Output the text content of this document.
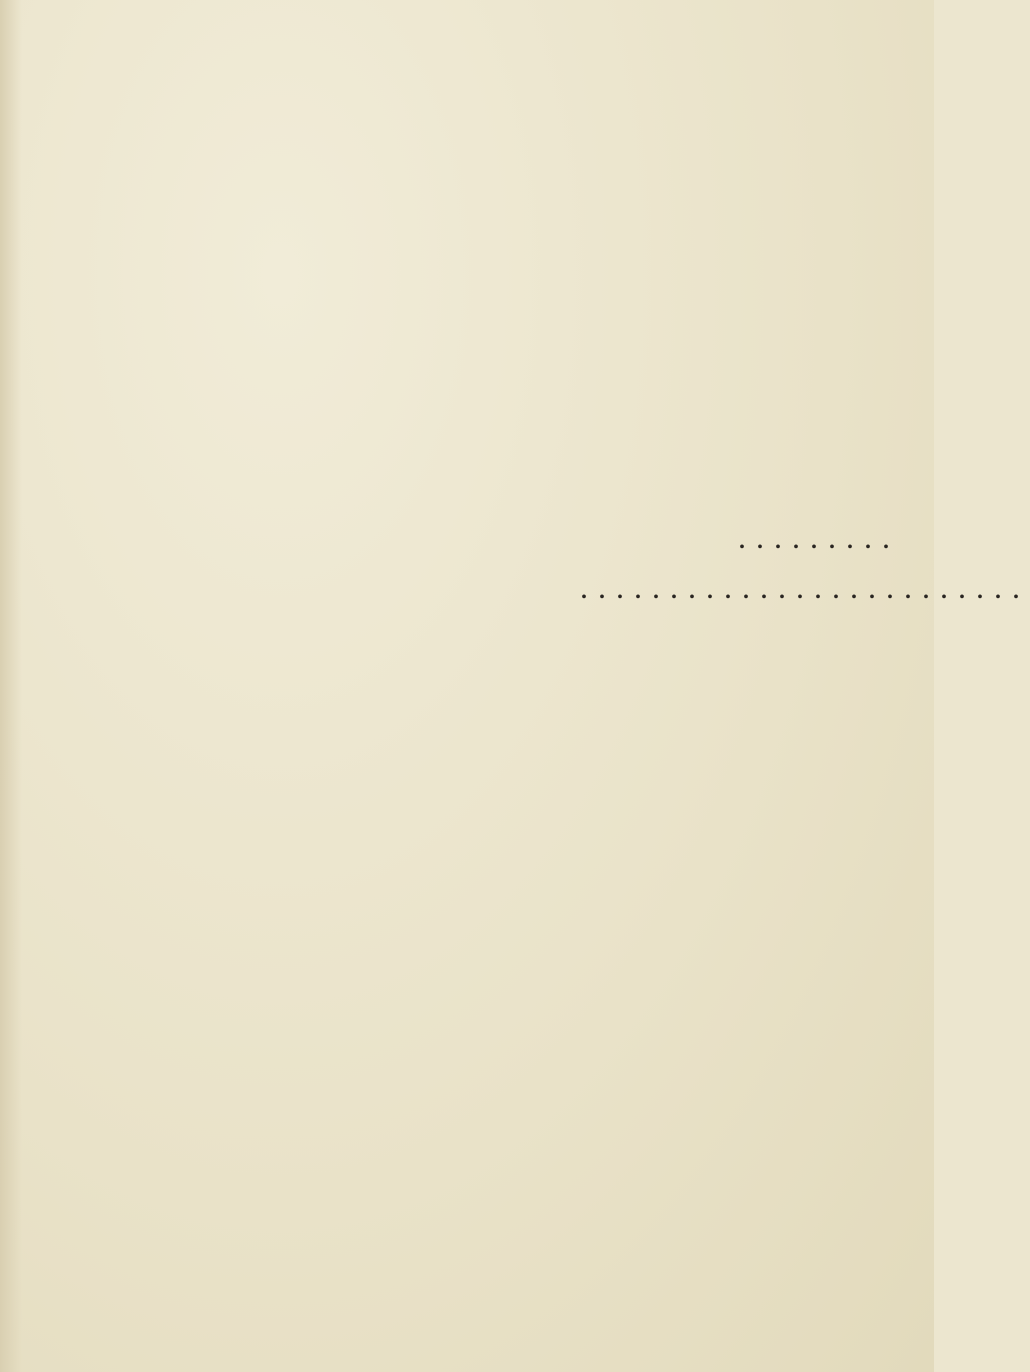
.........
.........................
